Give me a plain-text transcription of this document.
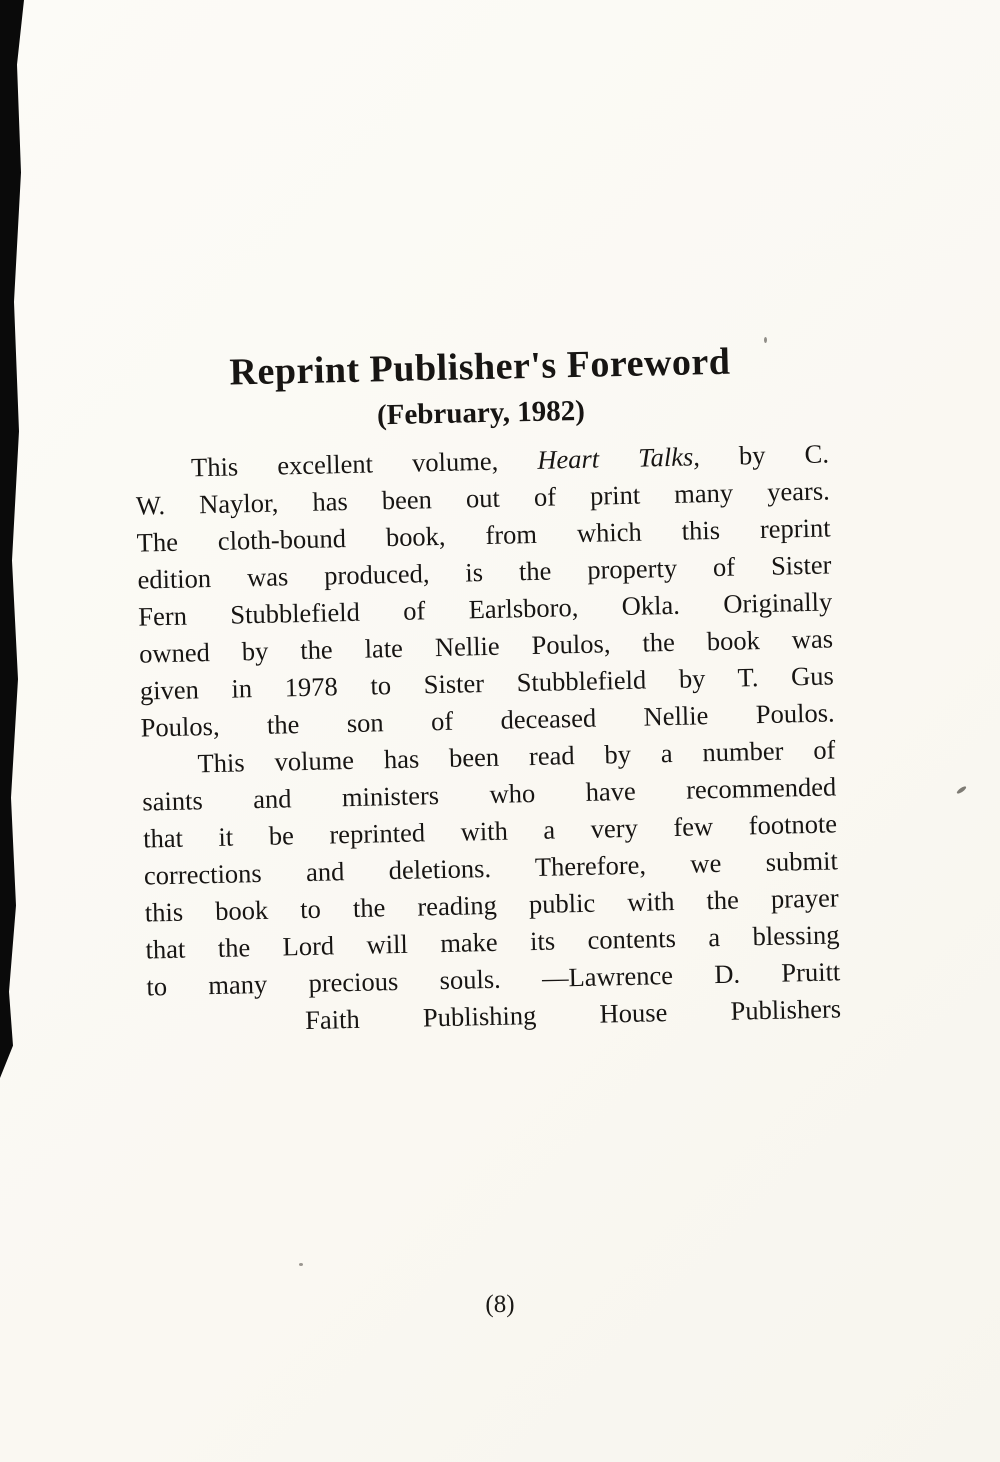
Reprint Publisher's Foreword
(February, 1982)
This excellent volume, Heart Talks, by C.
W. Naylor, has been out of print many years.
The cloth-bound book, from which this reprint
edition was produced, is the property of Sister
Fern Stubblefield of Earlsboro, Okla. Originally
owned by the late Nellie Poulos, the book was
given in 1978 to Sister Stubblefield by T. Gus
Poulos, the son of deceased Nellie Poulos.
This volume has been read by a number of
saints and ministers who have recommended
that it be reprinted with a very few footnote
corrections and deletions. Therefore, we submit
this book to the reading public with the prayer
that the Lord will make its contents a blessing
to many precious souls. —Lawrence D. Pruitt
Faith Publishing House Publishers
(8)
